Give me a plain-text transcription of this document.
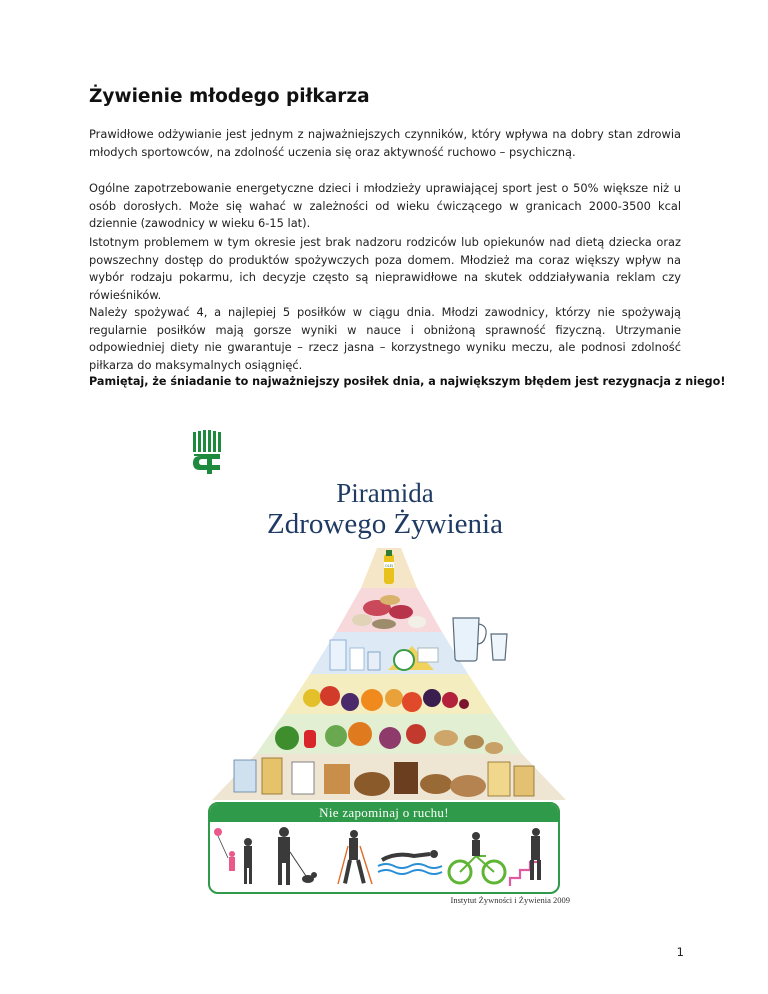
Żywienie młodego piłkarza

Prawidłowe odżywianie jest jednym z najważniejszych czynników, który wpływa na dobry stan zdrowia młodych sportowców, na zdolność uczenia się oraz aktywność ruchowo – psychiczną.

Ogólne zapotrzebowanie energetyczne dzieci i młodzieży uprawiającej sport jest o 50% większe niż u osób dorosłych. Może się wahać w zależności od wieku ćwiczącego w granicach 2000-3500 kcal dziennie (zawodnicy w wieku 6-15 lat).

Istotnym problemem w tym okresie jest brak nadzoru rodziców lub opiekunów nad dietą dziecka oraz powszechny dostęp do produktów spożywczych poza domem. Młodzież ma coraz większy wpływ na wybór rodzaju pokarmu, ich decyzje często są nieprawidłowe na skutek oddziaływania reklam czy rówieśników.

Należy spożywać 4, a najlepiej 5 posiłków w ciągu dnia. Młodzi zawodnicy, którzy nie spożywają regularnie posiłków mają gorsze wyniki w nauce i obniżoną sprawność fizyczną. Utrzymanie odpowiedniej diety nie gwarantuje – rzecz jasna – korzystnego wyniku meczu, ale podnosi zdolność piłkarza do maksymalnych osiągnięć.

Pamiętaj, że śniadanie to najważniejszy posiłek dnia, a największym błędem jest rezygnacja z niego!

Piramida
Zdrowego Żywienia
OLEJ
Nie zapominaj o ruchu!
Instytut Żywności i Żywienia 2009
1
